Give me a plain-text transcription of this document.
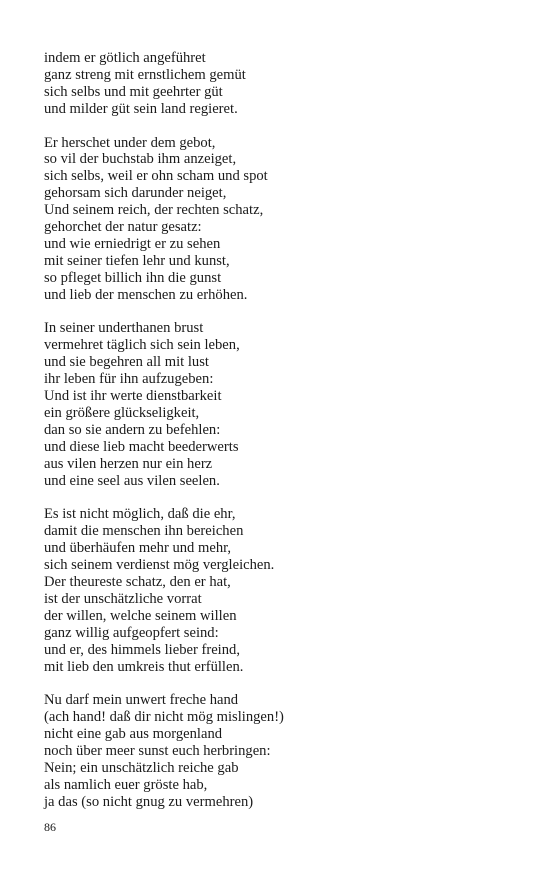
indem er götlich angeführet
ganz streng mit ernstlichem gemüt
sich selbs und mit geehrter güt
und milder güt sein land regieret.
Er herschet under dem gebot,
so vil der buchstab ihm anzeiget,
sich selbs, weil er ohn scham und spot
gehorsam sich darunder neiget,
Und seinem reich, der rechten schatz,
gehorchet der natur gesatz:
und wie erniedrigt er zu sehen
mit seiner tiefen lehr und kunst,
so pfleget billich ihn die gunst
und lieb der menschen zu erhöhen.
In seiner underthanen brust
vermehret täglich sich sein leben,
und sie begehren all mit lust
ihr leben für ihn aufzugeben:
Und ist ihr werte dienstbarkeit
ein größere glückseligkeit,
dan so sie andern zu befehlen:
und diese lieb macht beederwerts
aus vilen herzen nur ein herz
und eine seel aus vilen seelen.
Es ist nicht möglich, daß die ehr,
damit die menschen ihn bereichen
und überhäufen mehr und mehr,
sich seinem verdienst mög vergleichen.
Der theureste schatz, den er hat,
ist der unschätzliche vorrat
der willen, welche seinem willen
ganz willig aufgeopfert seind:
und er, des himmels lieber freind,
mit lieb den umkreis thut erfüllen.
Nu darf mein unwert freche hand
(ach hand! daß dir nicht mög mislingen!)
nicht eine gab aus morgenland
noch über meer sunst euch herbringen:
Nein; ein unschätzlich reiche gab
als namlich euer gröste hab,
ja das (so nicht gnug zu vermehren)
86
